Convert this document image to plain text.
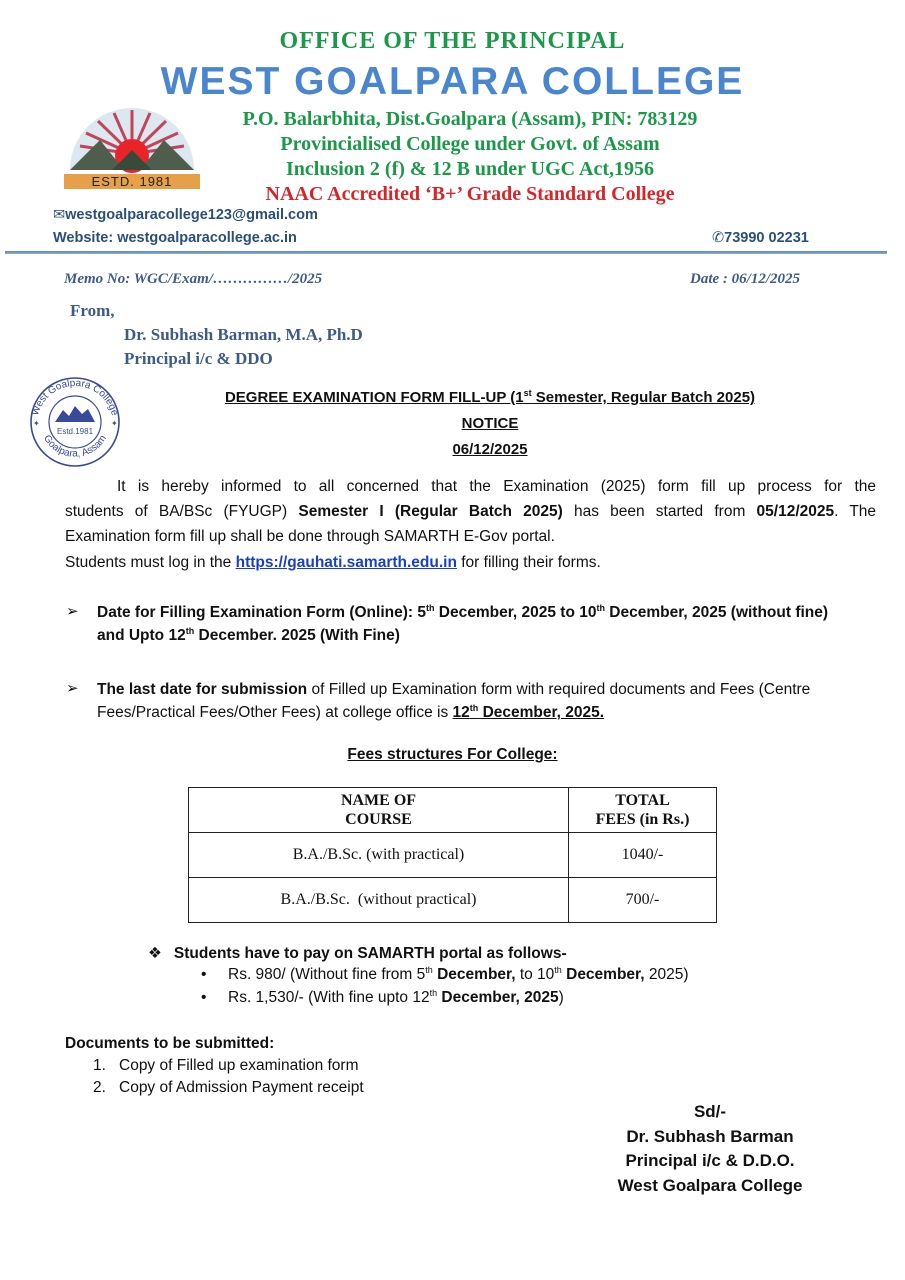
OFFICE OF THE PRINCIPAL
WEST GOALPARA COLLEGE
ESTD. 1981
P.O. Balarbhita, Dist.Goalpara (Assam), PIN: 783129
Provincialised College under Govt. of Assam
Inclusion 2 (f) & 12 B under UGC Act,1956
NAAC Accredited ‘B+’ Grade Standard College
✉westgoalparacollege123@gmail.com
Website: westgoalparacollege.ac.in	✆73990 02231
Memo No: WGC/Exam/……………/2025	Date : 06/12/2025
From,
Dr. Subhash Barman, M.A, Ph.D
Principal i/c & DDO
West Goalpara College
Goalpara, Assam
Estd.1981
✦	✦
DEGREE EXAMINATION FORM FILL-UP (1st Semester, Regular Batch 2025)
NOTICE
06/12/2025
It is hereby informed to all concerned that the Examination (2025) form fill up process for the
students of BA/BSc (FYUGP) Semester I (Regular Batch 2025) has been started from 05/12/2025. The
Examination form fill up shall be done through SAMARTH E-Gov portal.
Students must log in the https://gauhati.samarth.edu.in for filling their forms.
➢ Date for Filling Examination Form (Online): 5th December, 2025 to 10th December, 2025 (without fine)
and Upto 12th December. 2025 (With Fine)
➢ The last date for submission of Filled up Examination form with required documents and Fees (Centre
Fees/Practical Fees/Other Fees) at college office is 12th December, 2025.
Fees structures For College:
NAME OF
COURSE

TOTAL
FEES (in Rs.)

B.A./B.Sc. (with practical)	1040/-
B.A./B.Sc.  (without practical)	700/-
❖ Students have to pay on SAMARTH portal as follows-
• Rs. 980/ (Without fine from 5th December, to 10th December, 2025)
• Rs. 1,530/- (With fine upto 12th December, 2025)
Documents to be submitted:
1. Copy of Filled up examination form
2. Copy of Admission Payment receipt
Sd/-
Dr. Subhash Barman
Principal i/c & D.D.O.
West Goalpara College
